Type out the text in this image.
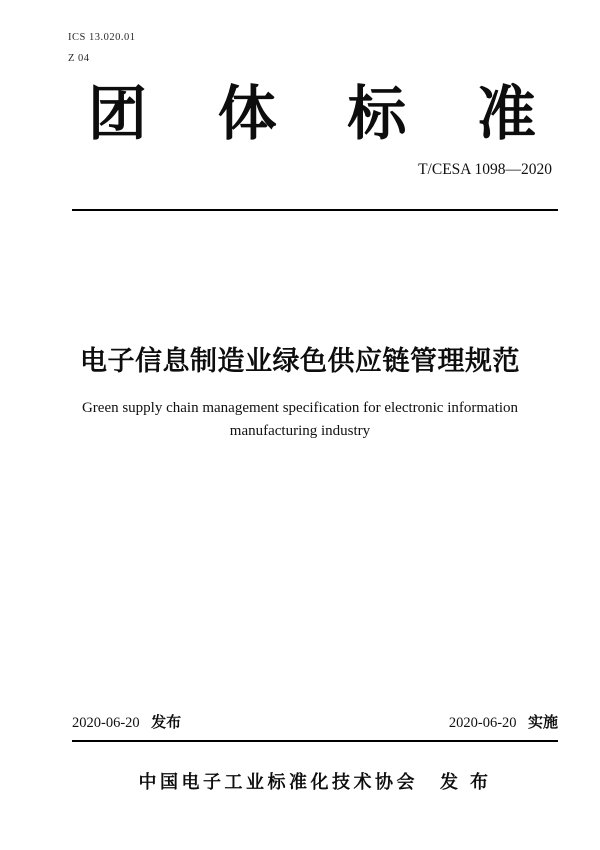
ICS 13.020.01
Z 04
团 体 标 准
T/CESA 1098—2020
电子信息制造业绿色供应链管理规范
Green supply chain management specification for electronic information
manufacturing industry
2020-06-20 发布	2020-06-20 实施
中国电子工业标准化技术协会 发 布
